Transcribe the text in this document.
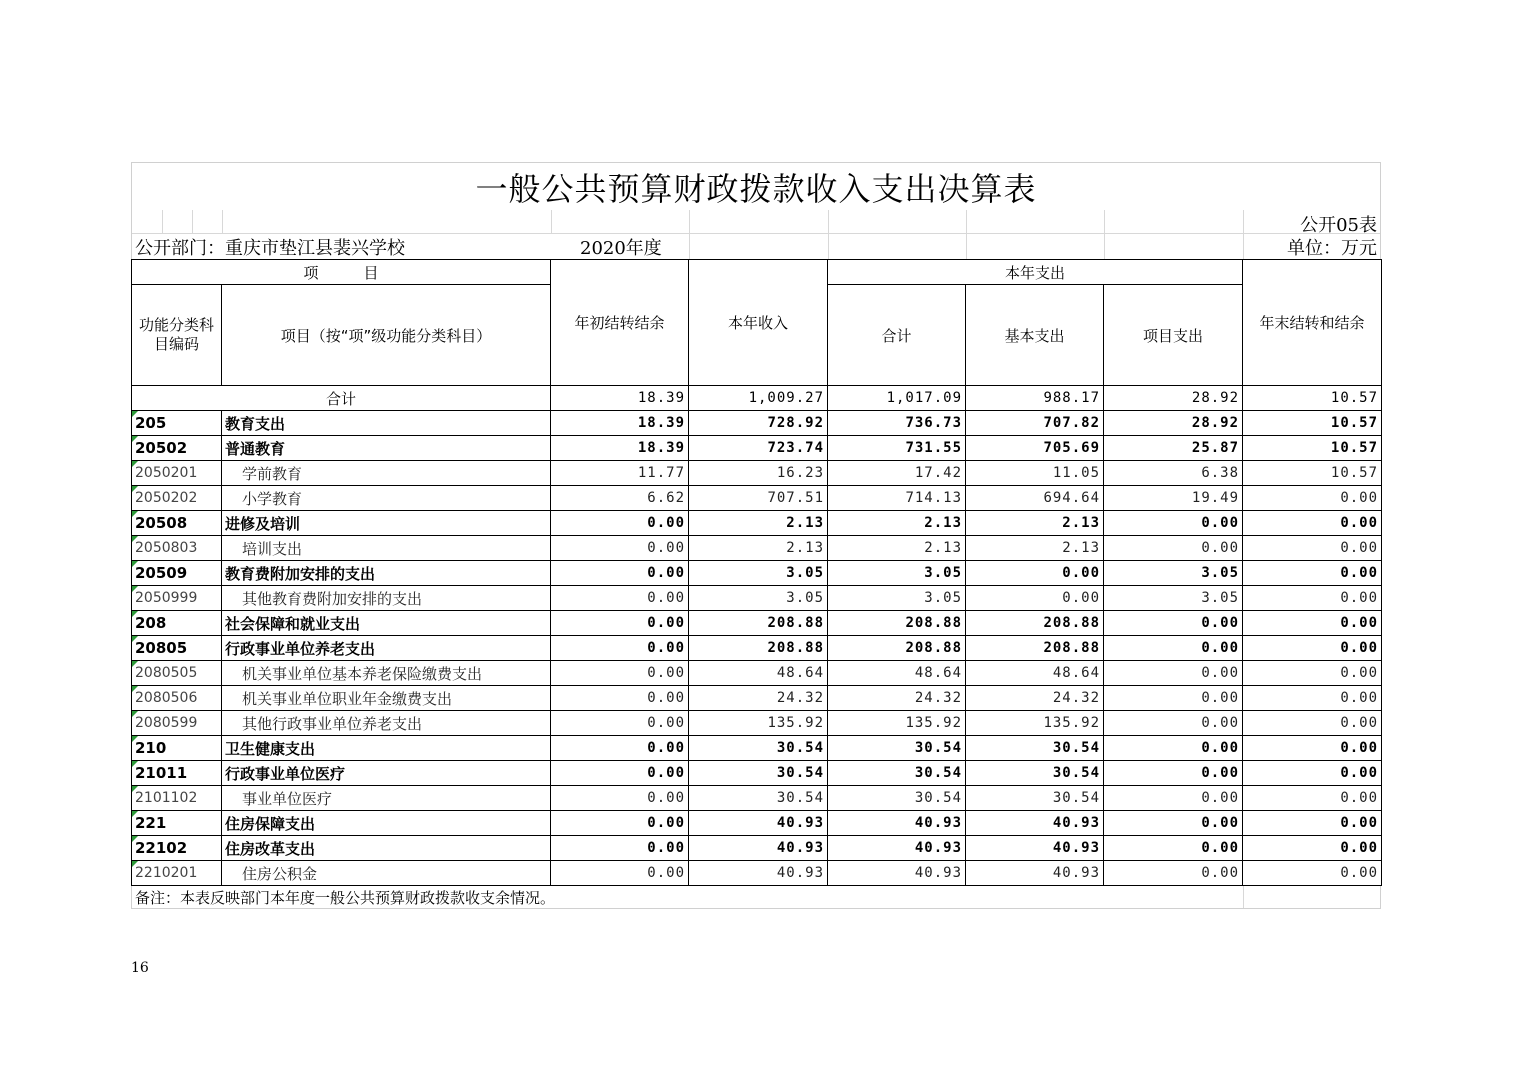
一般公共预算财政拨款收入支出决算表
公开05表
公开部门：重庆市垫江县裴兴学校	2020年度	单位：万元
项　　　目		年初结转结余	本年收入	本年支出			年末结转和结余
功能分类科目编码	项目（按“项”级功能分类科目）			合计	基本支出	项目支出	
合计		18.39	1,009.27	1,017.09	988.17	28.92	10.57
205	教育支出	18.39	728.92	736.73	707.82	28.92	10.57
20502	普通教育	18.39	723.74	731.55	705.69	25.87	10.57
2050201	学前教育	11.77	16.23	17.42	11.05	6.38	10.57
2050202	小学教育	6.62	707.51	714.13	694.64	19.49	0.00
20508	进修及培训	0.00	2.13	2.13	2.13	0.00	0.00
2050803	培训支出	0.00	2.13	2.13	2.13	0.00	0.00
20509	教育费附加安排的支出	0.00	3.05	3.05	0.00	3.05	0.00
2050999	其他教育费附加安排的支出	0.00	3.05	3.05	0.00	3.05	0.00
208	社会保障和就业支出	0.00	208.88	208.88	208.88	0.00	0.00
20805	行政事业单位养老支出	0.00	208.88	208.88	208.88	0.00	0.00
2080505	机关事业单位基本养老保险缴费支出	0.00	48.64	48.64	48.64	0.00	0.00
2080506	机关事业单位职业年金缴费支出	0.00	24.32	24.32	24.32	0.00	0.00
2080599	其他行政事业单位养老支出	0.00	135.92	135.92	135.92	0.00	0.00
210	卫生健康支出	0.00	30.54	30.54	30.54	0.00	0.00
21011	行政事业单位医疗	0.00	30.54	30.54	30.54	0.00	0.00
2101102	事业单位医疗	0.00	30.54	30.54	30.54	0.00	0.00
221	住房保障支出	0.00	40.93	40.93	40.93	0.00	0.00
22102	住房改革支出	0.00	40.93	40.93	40.93	0.00	0.00
2210201	住房公积金	0.00	40.93	40.93	40.93	0.00	0.00
备注：本表反映部门本年度一般公共预算财政拨款收支余情况。
16
